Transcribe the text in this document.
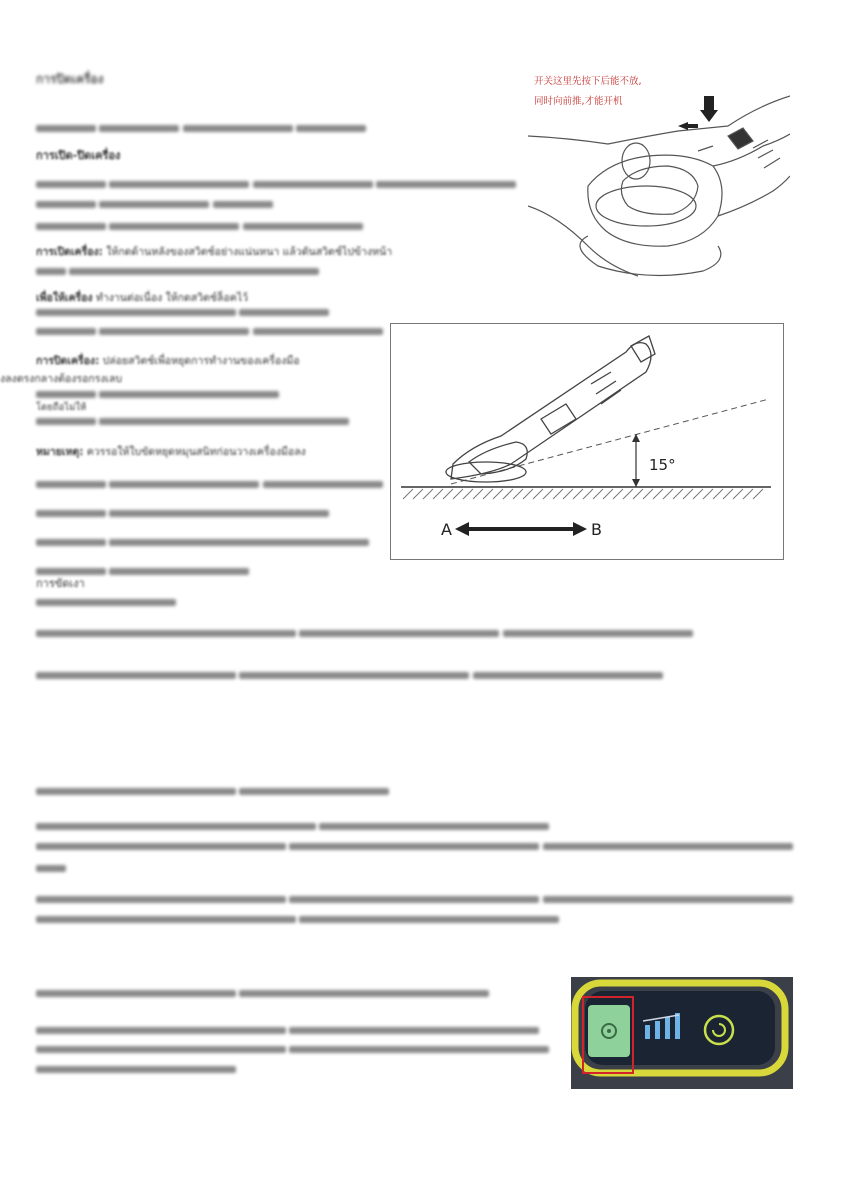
การปิดเครื่อง

การเปิด-ปิดเครื่อง

การเปิดเครื่อง: ให้กดด้านหลังของสวิตช์อย่างแน่นหนา แล้วดันสวิตช์ไปข้างหน้า

เพื่อให้เครื่อง ทำงานต่อเนื่อง ให้กดสวิตช์ล็อคไว้

การปิดเครื่อง: ปล่อยสวิตช์เพื่อหยุดการทำงานของเครื่องมือ
งลงตรงกลางต้องรอกรงเลบ

โดยถือไม่ให้

หมายเหตุ: ควรรอให้ใบขัดหยุดหมุนสนิทก่อนวางเครื่องมือลง

การขัดเงา

开关这里先按下后能不放,
同时向前推,才能开机
15°
A	B
